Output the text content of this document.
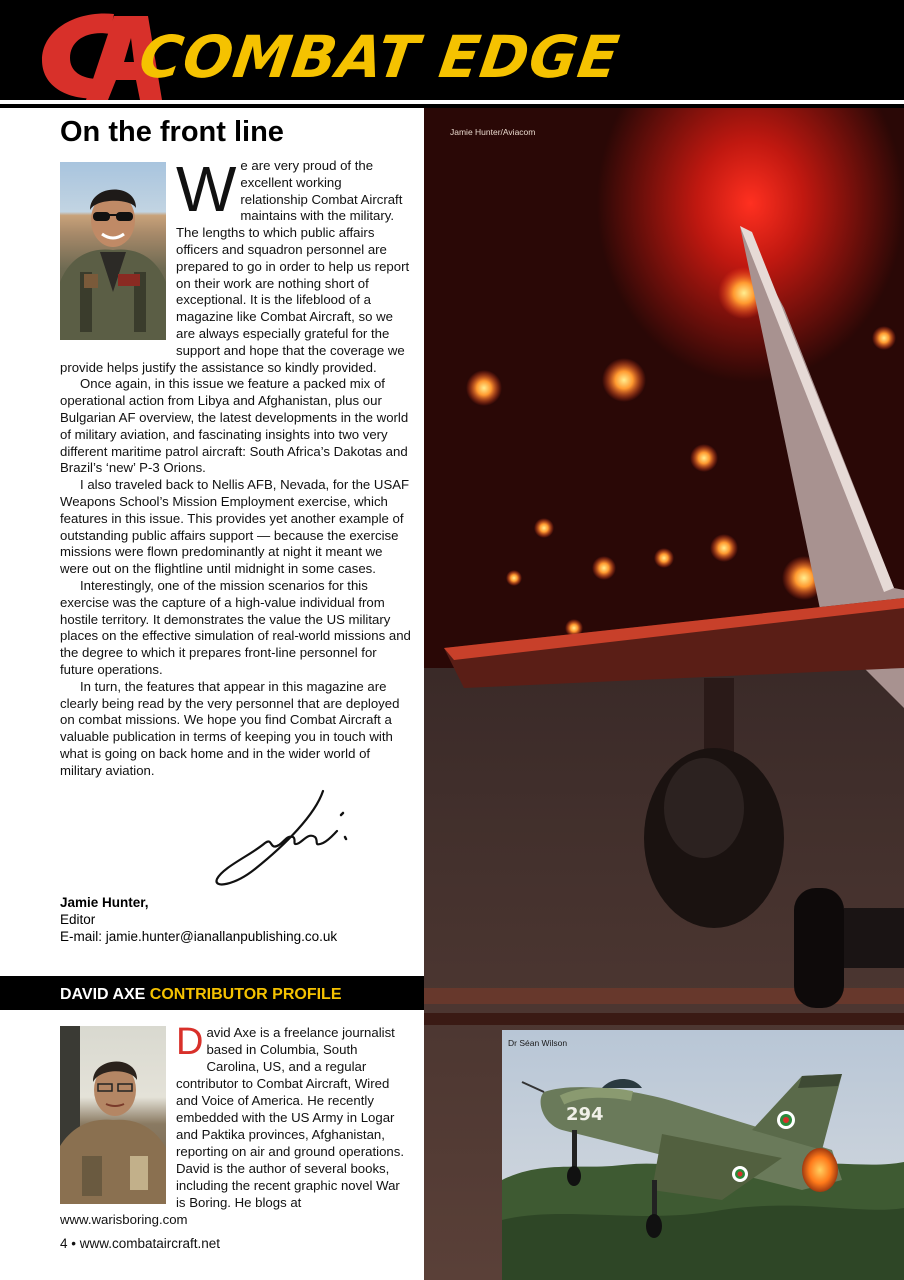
COMBAT EDGE
On the front line

We are very proud of the excellent working relationship Combat Aircraft maintains with the military. The lengths to which public affairs officers and squadron personnel are prepared to go in order to help us report on their work are nothing short of exceptional. It is the lifeblood of a magazine like Combat Aircraft, so we are always especially grateful for the support and hope that the coverage we provide helps justify the assistance so kindly provided.

Once again, in this issue we feature a packed mix of operational action from Libya and Afghanistan, plus our Bulgarian AF overview, the latest developments in the world of military aviation, and fascinating insights into two very different maritime patrol aircraft: South Africa’s Dakotas and Brazil’s ‘new’ P-3 Orions.

I also traveled back to Nellis AFB, Nevada, for the USAF Weapons School’s Mission Employment exercise, which features in this issue. This provides yet another example of outstanding public affairs support — because the exercise missions were flown predominantly at night it meant we were out on the flightline until midnight in some cases.

Interestingly, one of the mission scenarios for this exercise was the capture of a high-value individual from hostile territory. It demonstrates the value the US military places on the effective simulation of real-world missions and the degree to which it prepares front-line personnel for future operations.

In turn, the features that appear in this magazine are clearly being read by the very personnel that are deployed on combat missions. We hope you find Combat Aircraft a valuable publication in terms of keeping you in touch with what is going on back home and in the wider world of military aviation.

Jamie Hunter,
Editor
E-mail: jamie.hunter@ianallanpublishing.co.uk
DAVID AXE CONTRIBUTOR PROFILE

David Axe is a freelance journalist based in Columbia, South Carolina, US, and a regular contributor to Combat Aircraft, Wired and Voice of America. He recently embedded with the US Army in Logar and Paktika provinces, Afghanistan, reporting on air and ground operations. David is the author of several books, including the recent graphic novel War is Boring. He blogs at www.warisboring.com

4 • www.combataircraft.net
Jamie Hunter/Aviacom
294
Dr Séan Wilson
